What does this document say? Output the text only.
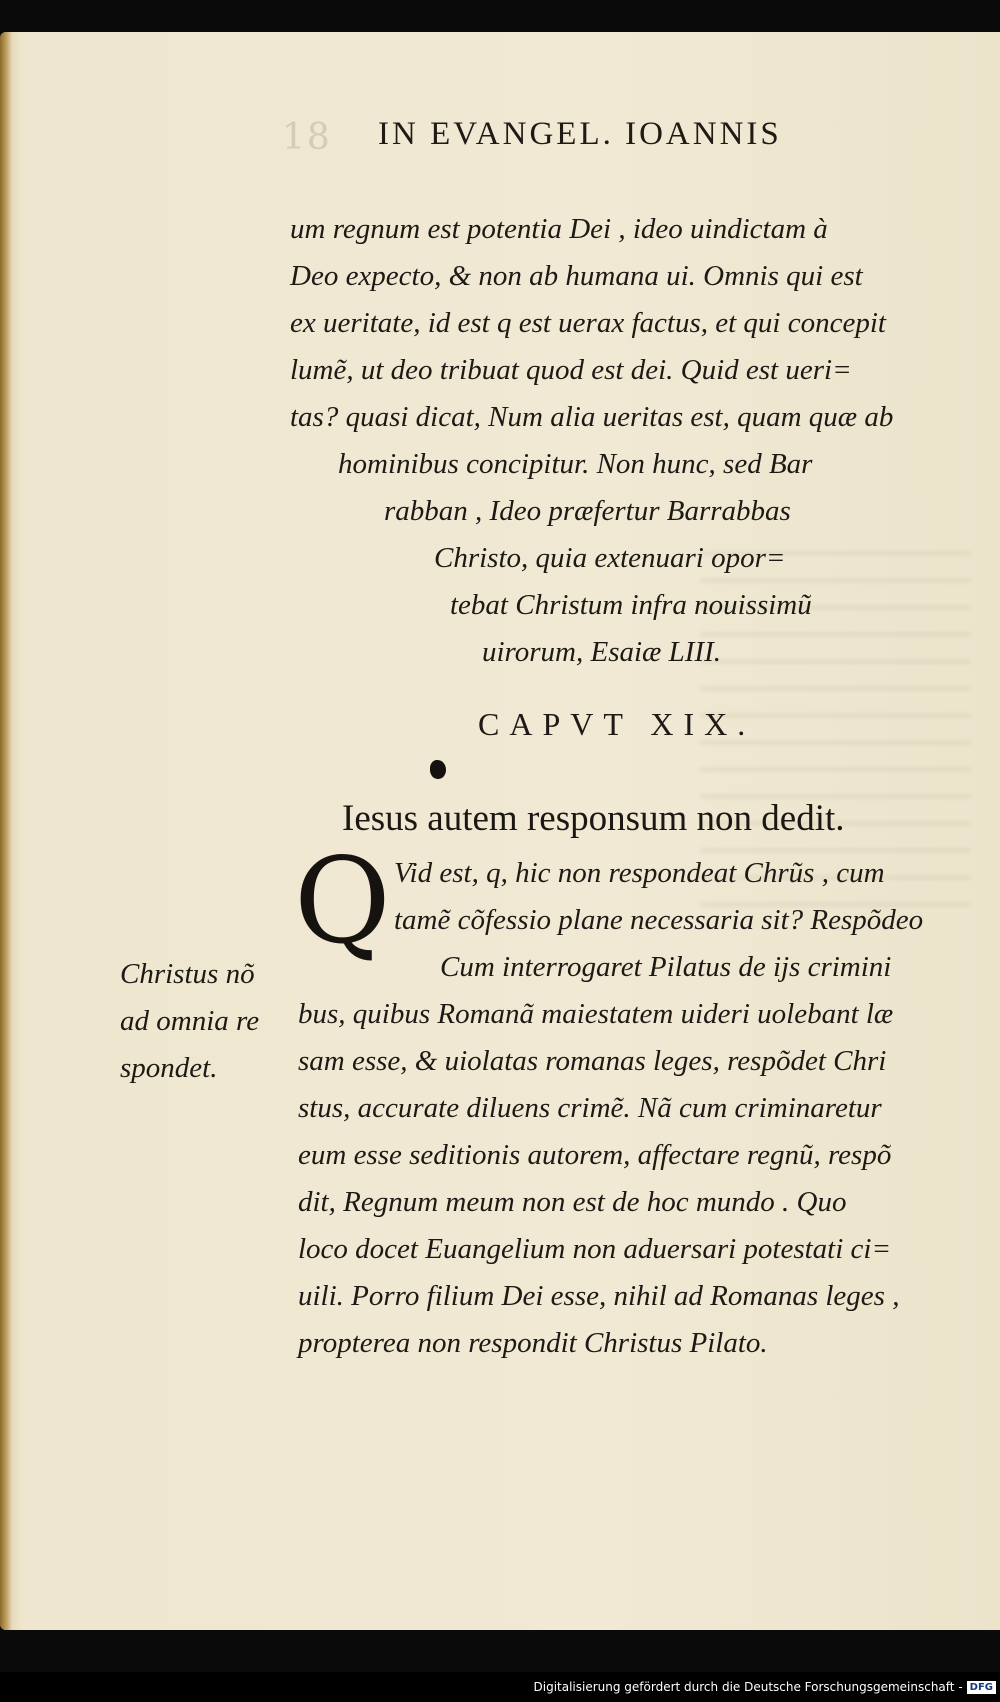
18 IN EVANGEL. IOANNIS
um regnum est potentia Dei , ideo uindictam à
Deo expecto, & non ab humana ui. Omnis qui est
ex ueritate, id est q est uerax factus, et qui concepit
lumẽ, ut deo tribuat quod est dei. Quid est ueri=
tas? quasi dicat, Num alia ueritas est, quam quæ ab
hominibus concipitur. Non hunc, sed Bar
rabban , Ideo præfertur Barrabbas
Christo, quia extenuari opor=
tebat Christum infra nouissimũ
uirorum, Esaiæ LIII.
CAPVT XIX.
Iesus autem responsum non dedit.
Q Vid est, q, hic non respondeat Chrũs , cum
tamẽ cõfessio plane necessaria sit? Respõdeo
Cum interrogaret Pilatus de ijs crimini
bus, quibus Romanã maiestatem uideri uolebant læ
sam esse, & uiolatas romanas leges, respõdet Chri
stus, accurate diluens crimẽ. Nã cum criminaretur
eum esse seditionis autorem, affectare regnũ, respõ
dit, Regnum meum non est de hoc mundo . Quo
loco docet Euangelium non aduersari potestati ci=
uili. Porro filium Dei esse, nihil ad Romanas leges ,
propterea non respondit Christus Pilato.
Christus nõ
ad omnia re
spondet.
Digitalisierung gefördert durch die Deutsche Forschungsgemeinschaft - DFG
